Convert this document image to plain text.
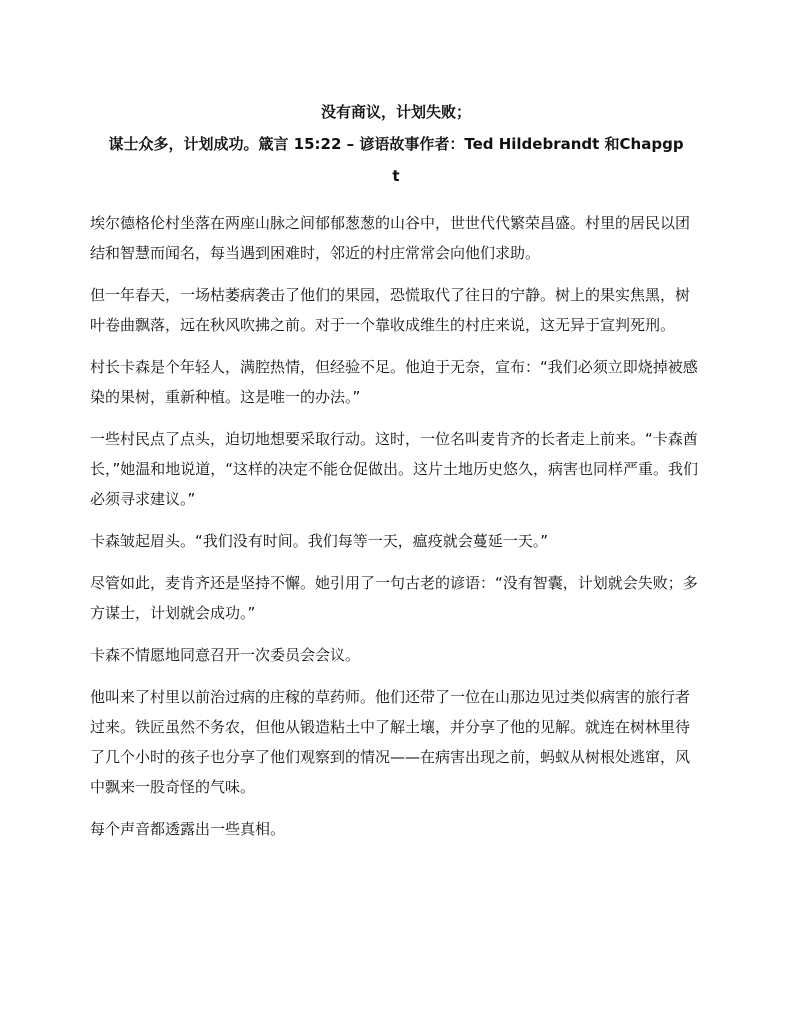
没有商议，计划失败；
谋士众多，计划成功。箴言 15:22 – 谚语故事作者：Ted Hildebrandt 和Chapgp
t

埃尔德格伦村坐落在两座山脉之间郁郁葱葱的山谷中，世世代代繁荣昌盛。村里的居民以团结和智慧而闻名，每当遇到困难时，邻近的村庄常常会向他们求助。

但一年春天，一场枯萎病袭击了他们的果园，恐慌取代了往日的宁静。树上的果实焦黑，树叶卷曲飘落，远在秋风吹拂之前。对于一个靠收成维生的村庄来说，这无异于宣判死刑。

村长卡森是个年轻人，满腔热情，但经验不足。他迫于无奈，宣布：“我们必须立即烧掉被感染的果树，重新种植。这是唯一的办法。”

一些村民点了点头，迫切地想要采取行动。这时，一位名叫麦肯齐的长者走上前来。“卡森酋长，”她温和地说道，“这样的决定不能仓促做出。这片土地历史悠久，病害也同样严重。我们必须寻求建议。”

卡森皱起眉头。“我们没有时间。我们每等一天，瘟疫就会蔓延一天。”

尽管如此，麦肯齐还是坚持不懈。她引用了一句古老的谚语：“没有智囊，计划就会失败；多方谋士，计划就会成功。”

卡森不情愿地同意召开一次委员会会议。

他叫来了村里以前治过病的庄稼的草药师。他们还带了一位在山那边见过类似病害的旅行者过来。铁匠虽然不务农，但他从锻造粘土中了解土壤，并分享了他的见解。就连在树林里待了几个小时的孩子也分享了他们观察到的情况——在病害出现之前，蚂蚁从树根处逃窜，风中飘来一股奇怪的气味。

每个声音都透露出一些真相。
